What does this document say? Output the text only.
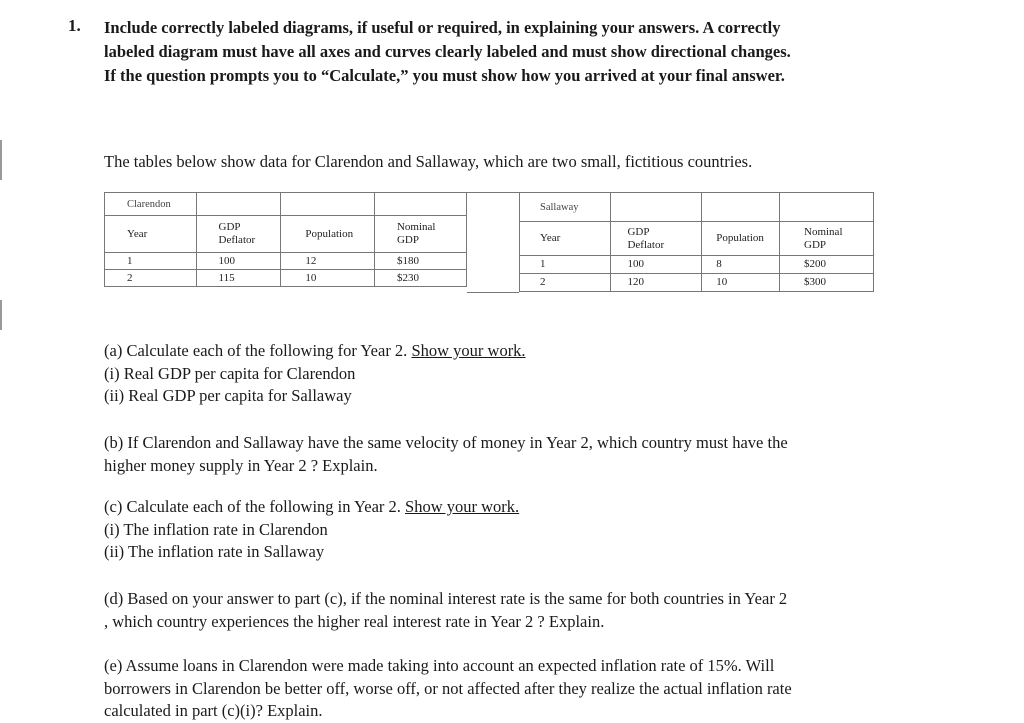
1. Include correctly labeled diagrams, if useful or required, in explaining your answers. A correctly
labeled diagram must have all axes and curves clearly labeled and must show directional changes.
If the question prompts you to “Calculate,” you must show how you arrived at your final answer.
The tables below show data for Clarendon and Sallaway, which are two small, fictitious countries.
Clarendon			
Year	GDP Deflator	Population	Nominal GDP
1	100	12	$180
2	115	10	$230
Sallaway			
Year	GDP Deflator	Population	Nominal GDP
1	100	8	$200
2	120	10	$300
(a) Calculate each of the following for Year 2. Show your work.
(i) Real GDP per capita for Clarendon
(ii) Real GDP per capita for Sallaway
(b) If Clarendon and Sallaway have the same velocity of money in Year 2, which country must have the
higher money supply in Year 2 ? Explain.
(c) Calculate each of the following in Year 2. Show your work.
(i) The inflation rate in Clarendon
(ii) The inflation rate in Sallaway
(d) Based on your answer to part (c), if the nominal interest rate is the same for both countries in Year 2
, which country experiences the higher real interest rate in Year 2 ? Explain.
(e) Assume loans in Clarendon were made taking into account an expected inflation rate of 15%. Will
borrowers in Clarendon be better off, worse off, or not affected after they realize the actual inflation rate
calculated in part (c)(i)? Explain.
